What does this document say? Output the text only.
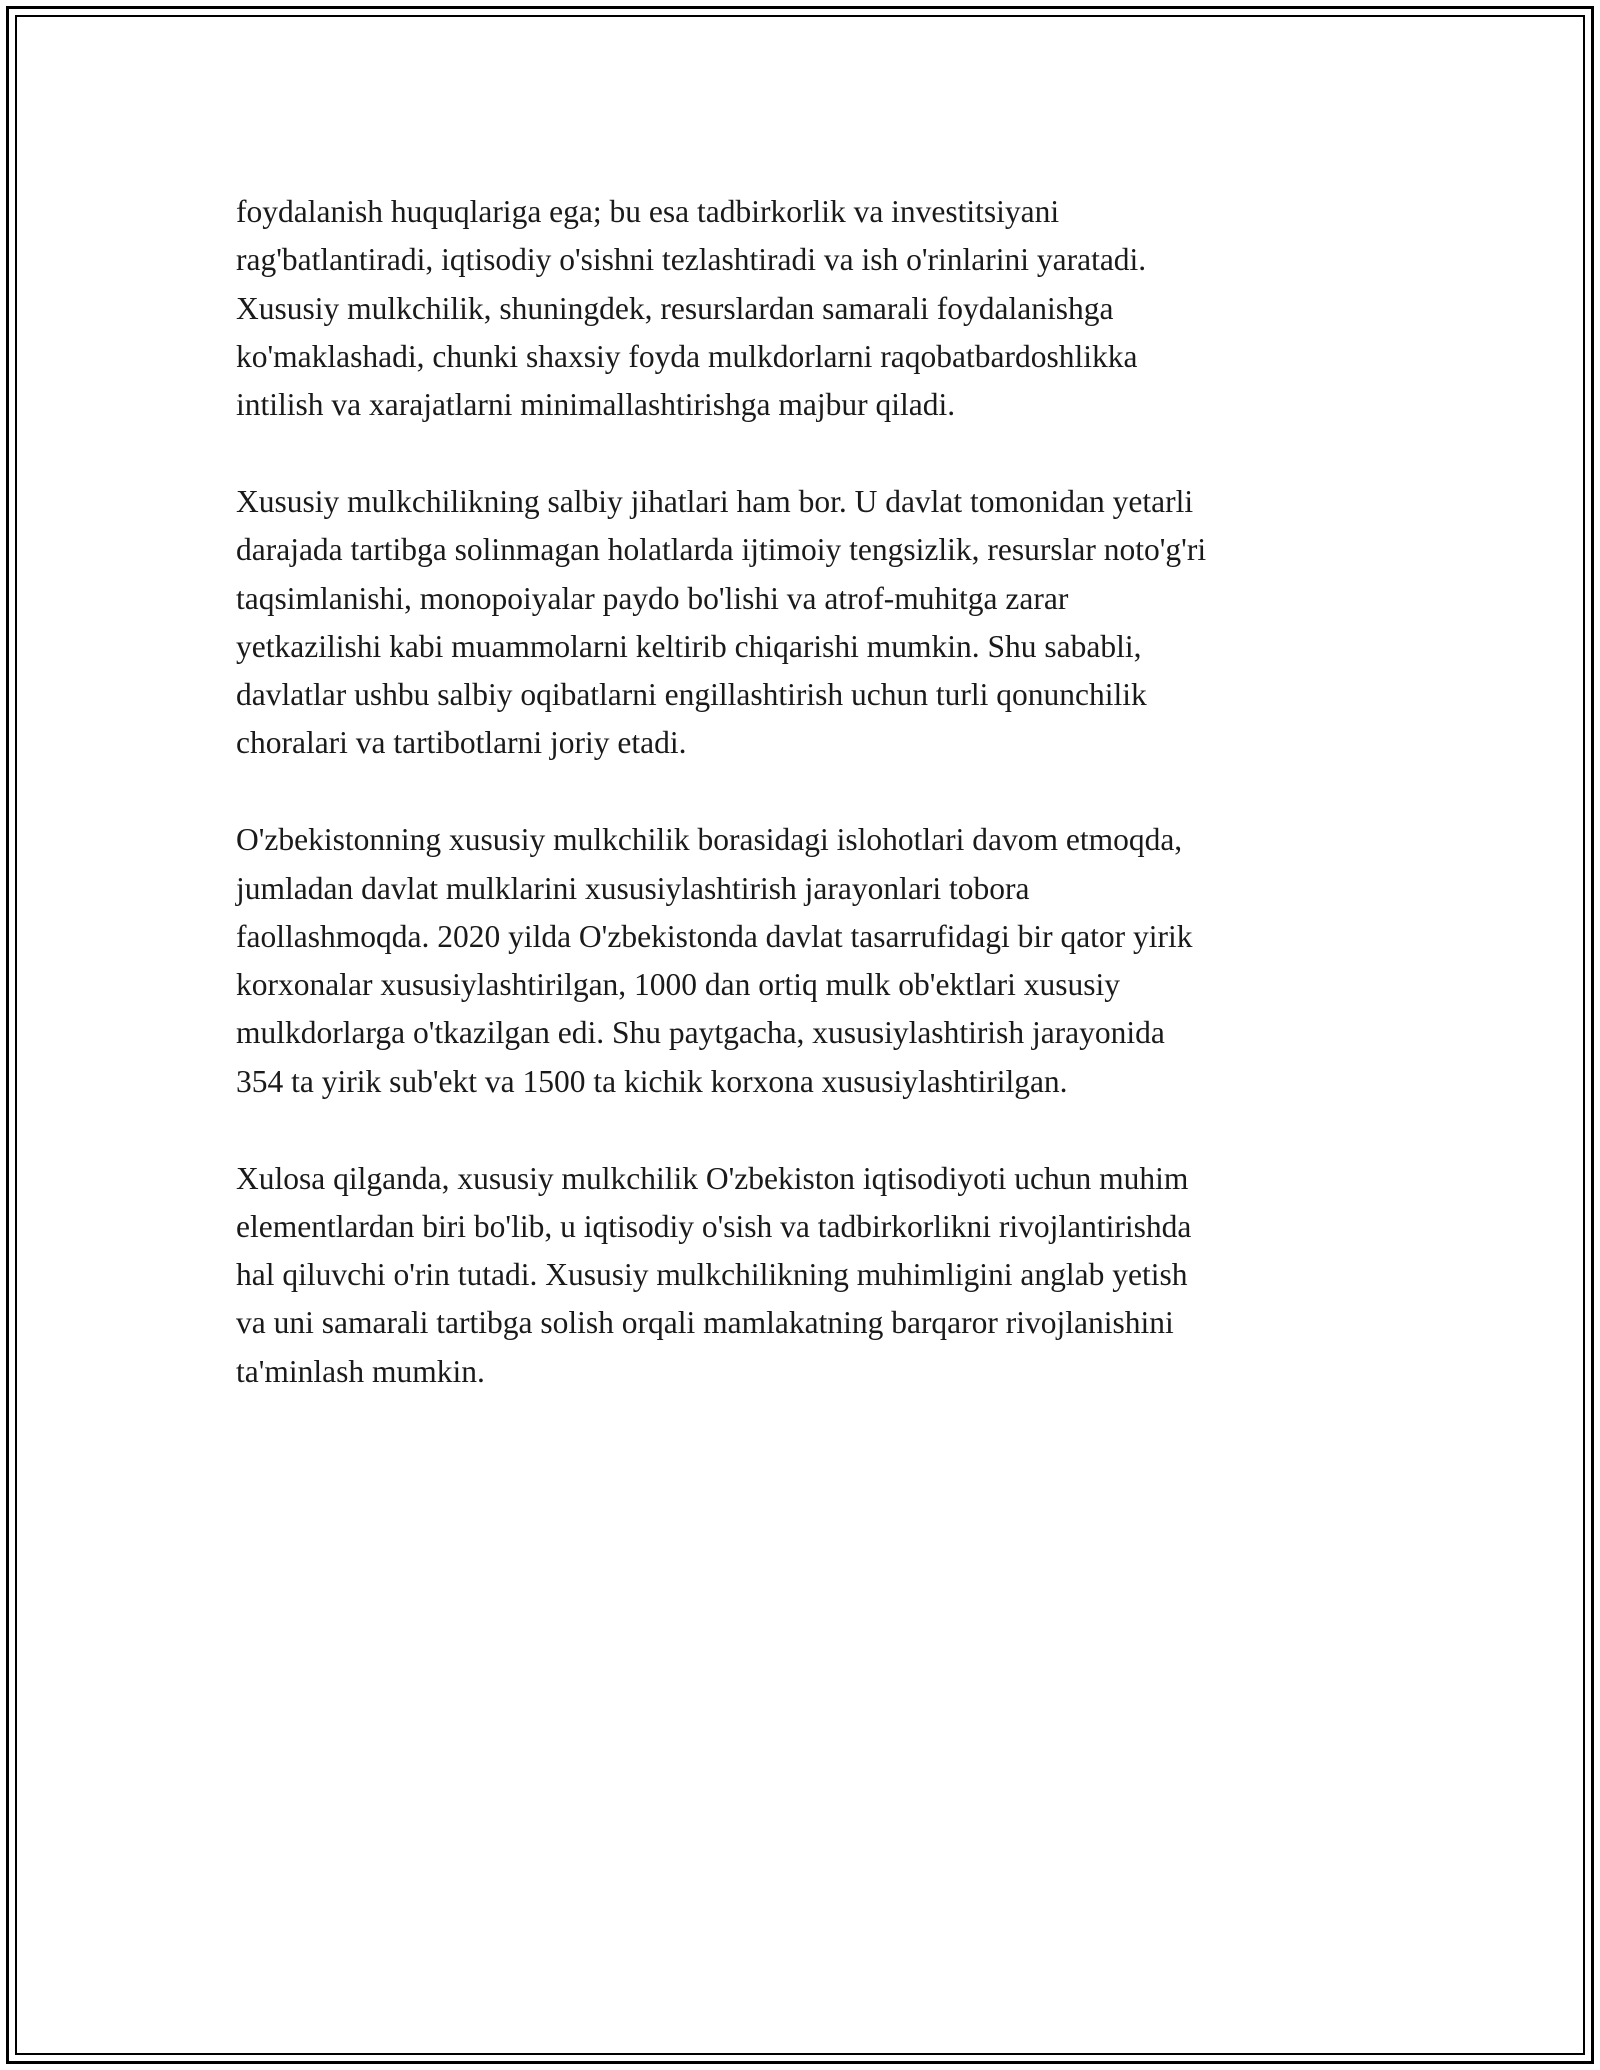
foydalanish huquqlariga ega; bu esa tadbirkorlik va investitsiyani
rag'batlantiradi, iqtisodiy o'sishni tezlashtiradi va ish o'rinlarini yaratadi.
Xususiy mulkchilik, shuningdek, resurslardan samarali foydalanishga
ko'maklashadi, chunki shaxsiy foyda mulkdorlarni raqobatbardoshlikka
intilish va xarajatlarni minimallashtirishga majbur qiladi.

Xususiy mulkchilikning salbiy jihatlari ham bor. U davlat tomonidan yetarli
darajada tartibga solinmagan holatlarda ijtimoiy tengsizlik, resurslar noto'g'ri
taqsimlanishi, monopoiyalar paydo bo'lishi va atrof-muhitga zarar
yetkazilishi kabi muammolarni keltirib chiqarishi mumkin. Shu sababli,
davlatlar ushbu salbiy oqibatlarni engillashtirish uchun turli qonunchilik
choralari va tartibotlarni joriy etadi.

O'zbekistonning xususiy mulkchilik borasidagi islohotlari davom etmoqda,
jumladan davlat mulklarini xususiylashtirish jarayonlari tobora
faollashmoqda. 2020 yilda O'zbekistonda davlat tasarrufidagi bir qator yirik
korxonalar xususiylashtirilgan, 1000 dan ortiq mulk ob'ektlari xususiy
mulkdorlarga o'tkazilgan edi. Shu paytgacha, xususiylashtirish jarayonida
354 ta yirik sub'ekt va 1500 ta kichik korxona xususiylashtirilgan.

Xulosa qilganda, xususiy mulkchilik O'zbekiston iqtisodiyoti uchun muhim
elementlardan biri bo'lib, u iqtisodiy o'sish va tadbirkorlikni rivojlantirishda
hal qiluvchi o'rin tutadi. Xususiy mulkchilikning muhimligini anglab yetish
va uni samarali tartibga solish orqali mamlakatning barqaror rivojlanishini
ta'minlash mumkin.
